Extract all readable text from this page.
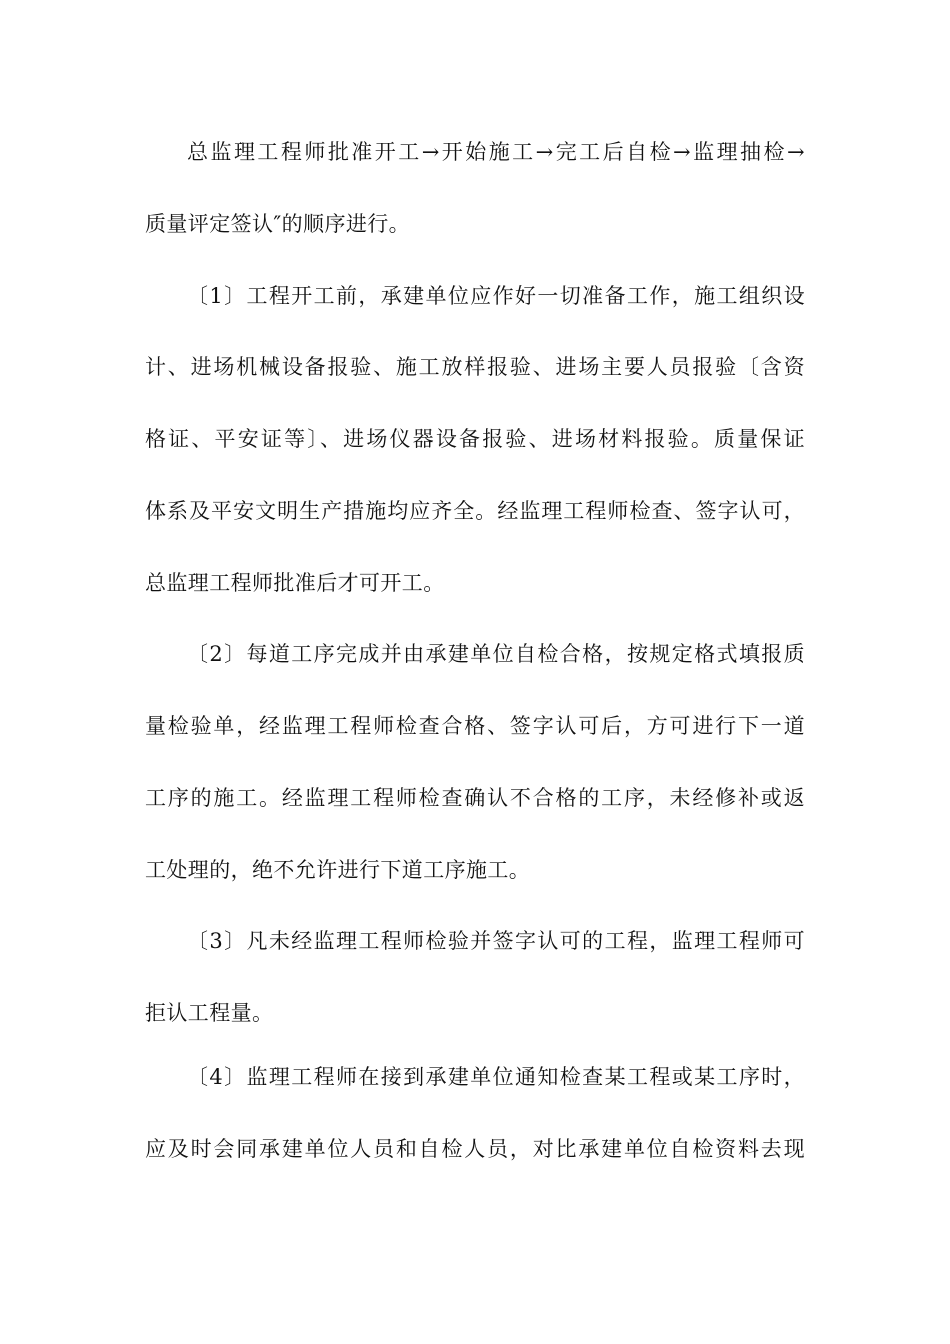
总监理工程师批准开工→开始施工→完工后自检→监理抽检→
质量评定签认″的顺序进行。
〔1〕工程开工前，承建单位应作好一切准备工作，施工组织设
计、进场机械设备报验、施工放样报验、进场主要人员报验〔含资
格证、平安证等〕、进场仪器设备报验、进场材料报验。质量保证
体系及平安文明生产措施均应齐全。经监理工程师检查、签字认可，
总监理工程师批准后才可开工。
〔2〕每道工序完成并由承建单位自检合格，按规定格式填报质
量检验单，经监理工程师检查合格、签字认可后，方可进行下一道
工序的施工。经监理工程师检查确认不合格的工序，未经修补或返
工处理的，绝不允许进行下道工序施工。
〔3〕凡未经监理工程师检验并签字认可的工程，监理工程师可
拒认工程量。
〔4〕监理工程师在接到承建单位通知检查某工程或某工序时，
应及时会同承建单位人员和自检人员，对比承建单位自检资料去现
